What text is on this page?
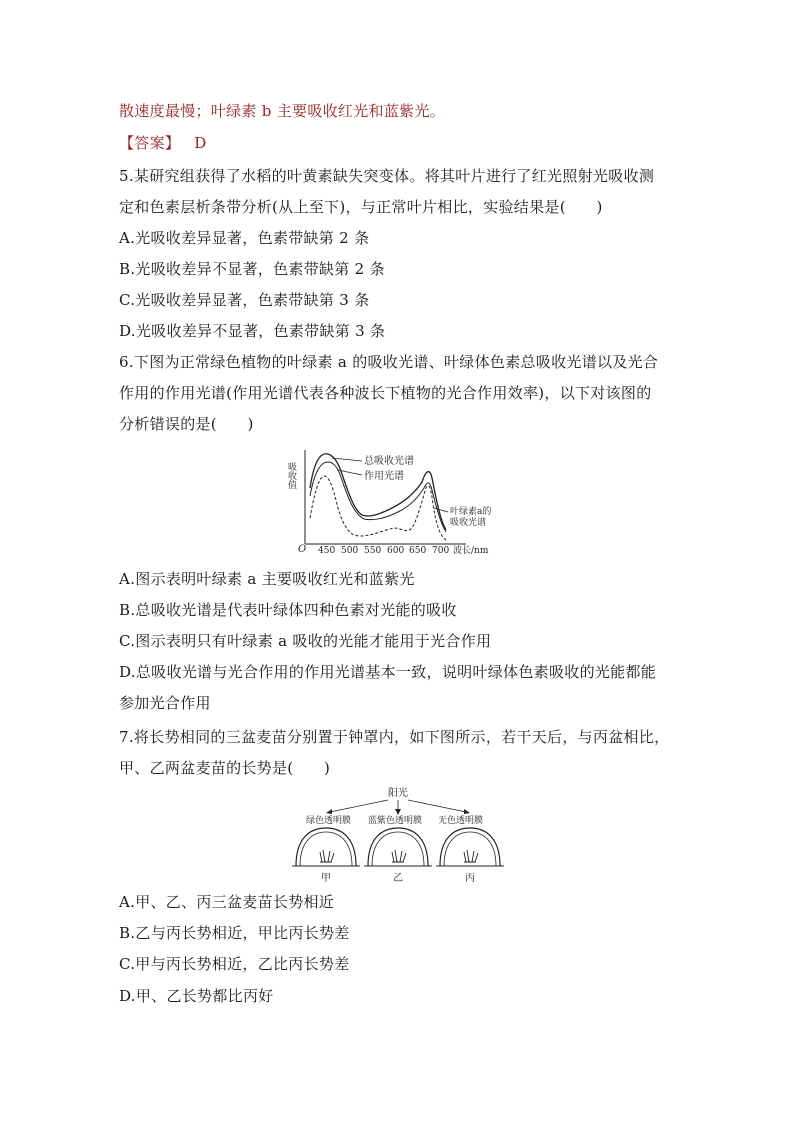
散速度最慢；叶绿素 b 主要吸收红光和蓝紫光。
【答案】 D
5.某研究组获得了水稻的叶黄素缺失突变体。将其叶片进行了红光照射光吸收测
定和色素层析条带分析(从上至下)，与正常叶片相比，实验结果是(　　)
A.光吸收差异显著，色素带缺第 2 条
B.光吸收差异不显著，色素带缺第 2 条
C.光吸收差异显著，色素带缺第 3 条
D.光吸收差异不显著，色素带缺第 3 条
6.下图为正常绿色植物的叶绿素 a 的吸收光谱、叶绿体色素总吸收光谱以及光合
作用的作用光谱(作用光谱代表各种波长下植物的光合作用效率)，以下对该图的
分析错误的是(　　)
吸收值
O 450 500 550 600 650 700 波长/nm
总吸收光谱
作用光谱
叶绿素a的
吸收光谱
A.图示表明叶绿素 a 主要吸收红光和蓝紫光
B.总吸收光谱是代表叶绿体四种色素对光能的吸收
C.图示表明只有叶绿素 a 吸收的光能才能用于光合作用
D.总吸收光谱与光合作用的作用光谱基本一致，说明叶绿体色素吸收的光能都能
参加光合作用
7.将长势相同的三盆麦苗分别置于钟罩内，如下图所示，若干天后，与丙盆相比，
甲、乙两盆麦苗的长势是(　　)
阳光
绿色透明膜 蓝紫色透明膜 无色透明膜
甲	乙	丙
A.甲、乙、丙三盆麦苗长势相近
B.乙与丙长势相近，甲比丙长势差
C.甲与丙长势相近，乙比丙长势差
D.甲、乙长势都比丙好
